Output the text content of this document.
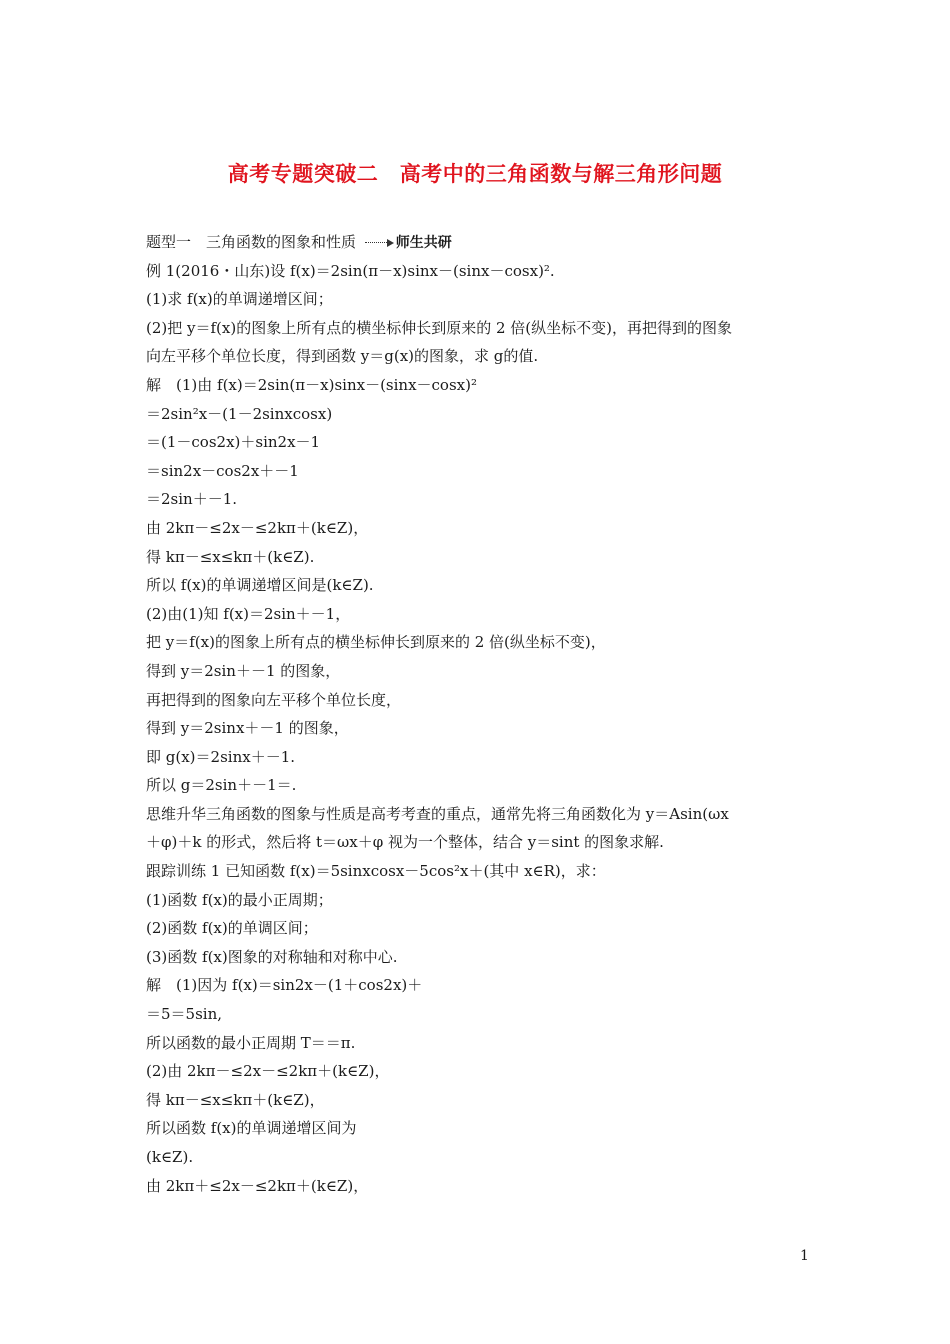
高考专题突破二　高考中的三角函数与解三角形问题
题型一　三角函数的图象和性质	师生共研
例 1(2016・山东)设 f(x)＝2sin(π－x)sinx－(sinx－cosx)².
(1)求 f(x)的单调递增区间；
(2)把 y＝f(x)的图象上所有点的横坐标伸长到原来的 2 倍(纵坐标不变)，再把得到的图象
向左平移个单位长度，得到函数 y＝g(x)的图象，求 g的值.
解　(1)由 f(x)＝2sin(π－x)sinx－(sinx－cosx)²
＝2sin²x－(1－2sinxcosx)
＝(1－cos2x)＋sin2x－1
＝sin2x－cos2x＋－1
＝2sin＋－1.
由 2kπ－≤2x－≤2kπ＋(k∈Z)，
得 kπ－≤x≤kπ＋(k∈Z).
所以 f(x)的单调递增区间是(k∈Z).
(2)由(1)知 f(x)＝2sin＋－1，
把 y＝f(x)的图象上所有点的横坐标伸长到原来的 2 倍(纵坐标不变)，
得到 y＝2sin＋－1 的图象，
再把得到的图象向左平移个单位长度，
得到 y＝2sinx＋－1 的图象，
即 g(x)＝2sinx＋－1.
所以 g＝2sin＋－1＝.
思维升华三角函数的图象与性质是高考考查的重点，通常先将三角函数化为 y＝Asin(ωx
＋φ)＋k 的形式，然后将 t＝ωx＋φ 视为一个整体，结合 y＝sint 的图象求解.
跟踪训练 1 已知函数 f(x)＝5sinxcosx－5cos²x＋(其中 x∈R)，求：
(1)函数 f(x)的最小正周期；
(2)函数 f(x)的单调区间；
(3)函数 f(x)图象的对称轴和对称中心.
解　(1)因为 f(x)＝sin2x－(1＋cos2x)＋
＝5＝5sin,
所以函数的最小正周期 T＝＝π.
(2)由 2kπ－≤2x－≤2kπ＋(k∈Z)，
得 kπ－≤x≤kπ＋(k∈Z)，
所以函数 f(x)的单调递增区间为
(k∈Z).
由 2kπ＋≤2x－≤2kπ＋(k∈Z)，
1
